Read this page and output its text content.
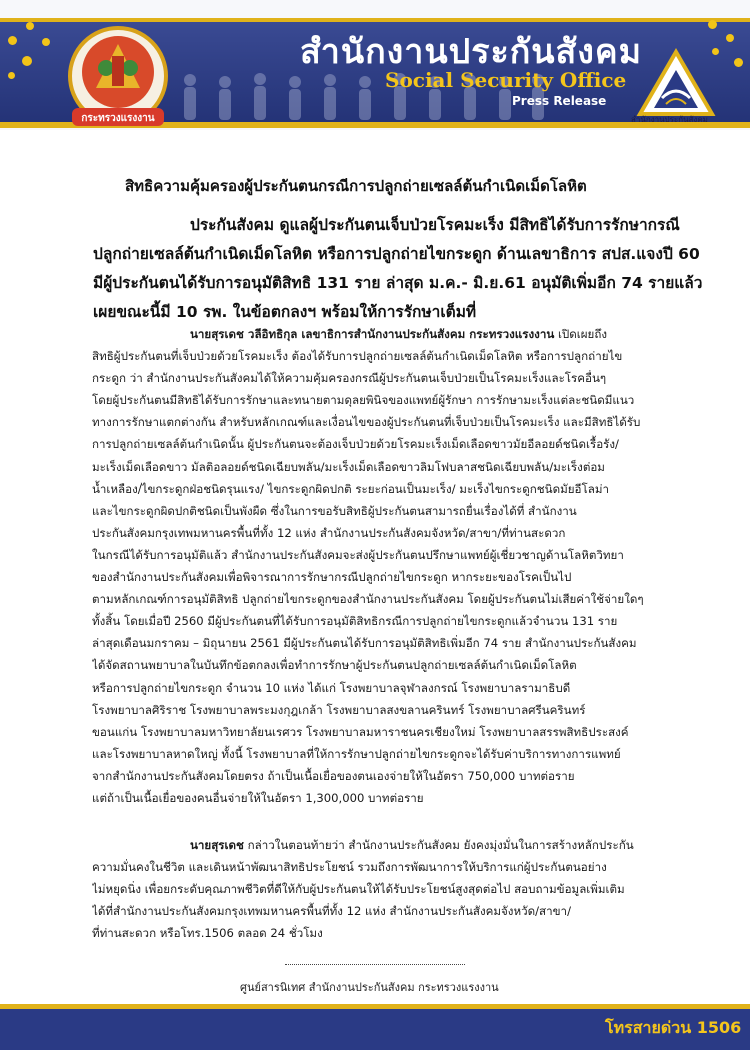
กระทรวงแรงงาน
สำนักงานประกันสังคม
Social Security Office
Press Release
สำนักงานประกันสังคม
สิทธิความคุ้มครองผู้ประกันตนกรณีการปลูกถ่ายเซลล์ต้นกำเนิดเม็ดโลหิต
ประกันสังคม ดูแลผู้ประกันตนเจ็บป่วยโรคมะเร็ง มีสิทธิได้รับการรักษากรณี
ปลูกถ่ายเซลล์ต้นกำเนิดเม็ดโลหิต หรือการปลูกถ่ายไขกระดูก ด้านเลขาธิการ สปส.แจงปี 60
มีผู้ประกันตนได้รับการอนุมัติสิทธิ 131 ราย ล่าสุด ม.ค.- มิ.ย.61 อนุมัติเพิ่มอีก 74 รายแล้ว
เผยขณะนี้มี 10 รพ. ในข้อตกลงฯ พร้อมให้การรักษาเต็มที่
นายสุรเดช วลีอิทธิกุล เลขาธิการสำนักงานประกันสังคม กระทรวงแรงงาน เปิดเผยถึง
สิทธิผู้ประกันตนที่เจ็บป่วยด้วยโรคมะเร็ง ต้องได้รับการปลูกถ่ายเซลล์ต้นกำเนิดเม็ดโลหิต หรือการปลูกถ่ายไข
กระดูก ว่า สำนักงานประกันสังคมได้ให้ความคุ้มครองกรณีผู้ประกันตนเจ็บป่วยเป็นโรคมะเร็งและโรคอื่นๆ
โดยผู้ประกันตนมีสิทธิได้รับการรักษาและทนายตามดุลยพินิจของแพทย์ผู้รักษา การรักษามะเร็งแต่ละชนิดมีแนว
ทางการรักษาแตกต่างกัน สำหรับหลักเกณฑ์และเงื่อนไขของผู้ประกันตนที่เจ็บป่วยเป็นโรคมะเร็ง และมีสิทธิได้รับ
การปลูกถ่ายเซลล์ต้นกำเนิดนั้น ผู้ประกันตนจะต้องเจ็บป่วยด้วยโรคมะเร็งเม็ดเลือดขาวมัยอีลอยด์ชนิดเรื้อรัง/
มะเร็งเม็ดเลือดขาว มัลติอลอยด์ชนิดเฉียบพลัน/มะเร็งเม็ดเลือดขาวลิมโฟบลาสชนิดเฉียบพลัน/มะเร็งต่อม
น้ำเหลือง/ไขกระดูกฝ่อชนิดรุนแรง/ ไขกระดูกผิดปกติ ระยะก่อนเป็นมะเร็ง/ มะเร็งไขกระดูกชนิดมัยอีโลม่า
และไขกระดูกผิดปกติชนิดเป็นพังผืด ซึ่งในการขอรับสิทธิผู้ประกันตนสามารถยื่นเรื่องได้ที่ สำนักงาน
ประกันสังคมกรุงเทพมหานครพื้นที่ทั้ง 12 แห่ง สำนักงานประกันสังคมจังหวัด/สาขา/ที่ท่านสะดวก
ในกรณีได้รับการอนุมัติแล้ว สำนักงานประกันสังคมจะส่งผู้ประกันตนปรึกษาแพทย์ผู้เชี่ยวชาญด้านโลหิตวิทยา
ของสำนักงานประกันสังคมเพื่อพิจารณาการรักษากรณีปลูกถ่ายไขกระดูก หากระยะของโรคเป็นไป
ตามหลักเกณฑ์การอนุมัติสิทธิ ปลูกถ่ายไขกระดูกของสำนักงานประกันสังคม โดยผู้ประกันตนไม่เสียค่าใช้จ่ายใดๆ
ทั้งสิ้น โดยเมื่อปี 2560 มีผู้ประกันตนที่ได้รับการอนุมัติสิทธิกรณีการปลูกถ่ายไขกระดูกแล้วจำนวน 131 ราย
ล่าสุดเดือนมกราคม – มิถุนายน 2561 มีผู้ประกันตนได้รับการอนุมัติสิทธิเพิ่มอีก 74 ราย สำนักงานประกันสังคม
ได้จัดสถานพยาบาลในบันทึกข้อตกลงเพื่อทำการรักษาผู้ประกันตนปลูกถ่ายเซลล์ต้นกำเนิดเม็ดโลหิต
หรือการปลูกถ่ายไขกระดูก จำนวน 10 แห่ง ได้แก่ โรงพยาบาลจุฬาลงกรณ์ โรงพยาบาลรามาธิบดี
โรงพยาบาลศิริราช โรงพยาบาลพระมงกุฎเกล้า โรงพยาบาลสงขลานครินทร์ โรงพยาบาลศรีนครินทร์
ขอนแก่น โรงพยาบาลมหาวิทยาลัยนเรศวร โรงพยาบาลมหาราชนครเชียงใหม่ โรงพยาบาลสรรพสิทธิประสงค์
และโรงพยาบาลหาดใหญ่ ทั้งนี้ โรงพยาบาลที่ให้การรักษาปลูกถ่ายไขกระดูกจะได้รับค่าบริการทางการแพทย์
จากสำนักงานประกันสังคมโดยตรง ถ้าเป็นเนื้อเยื่อของตนเองจ่ายให้ในอัตรา 750,000 บาทต่อราย
แต่ถ้าเป็นเนื้อเยื่อของคนอื่นจ่ายให้ในอัตรา 1,300,000 บาทต่อราย
นายสุรเดช กล่าวในตอนท้ายว่า สำนักงานประกันสังคม ยังคงมุ่งมั่นในการสร้างหลักประกัน
ความมั่นคงในชีวิต และเดินหน้าพัฒนาสิทธิประโยชน์ รวมถึงการพัฒนาการให้บริการแก่ผู้ประกันตนอย่าง
ไม่หยุดนิ่ง เพื่อยกระดับคุณภาพชีวิตที่ดีให้กับผู้ประกันตนให้ได้รับประโยชน์สูงสุดต่อไป สอบถามข้อมูลเพิ่มเติม
ได้ที่สำนักงานประกันสังคมกรุงเทพมหานครพื้นที่ทั้ง 12 แห่ง สำนักงานประกันสังคมจังหวัด/สาขา/
ที่ท่านสะดวก หรือโทร.1506 ตลอด 24 ชั่วโมง
ศูนย์สารนิเทศ สำนักงานประกันสังคม กระทรวงแรงงาน
โทรสายด่วน 1506
